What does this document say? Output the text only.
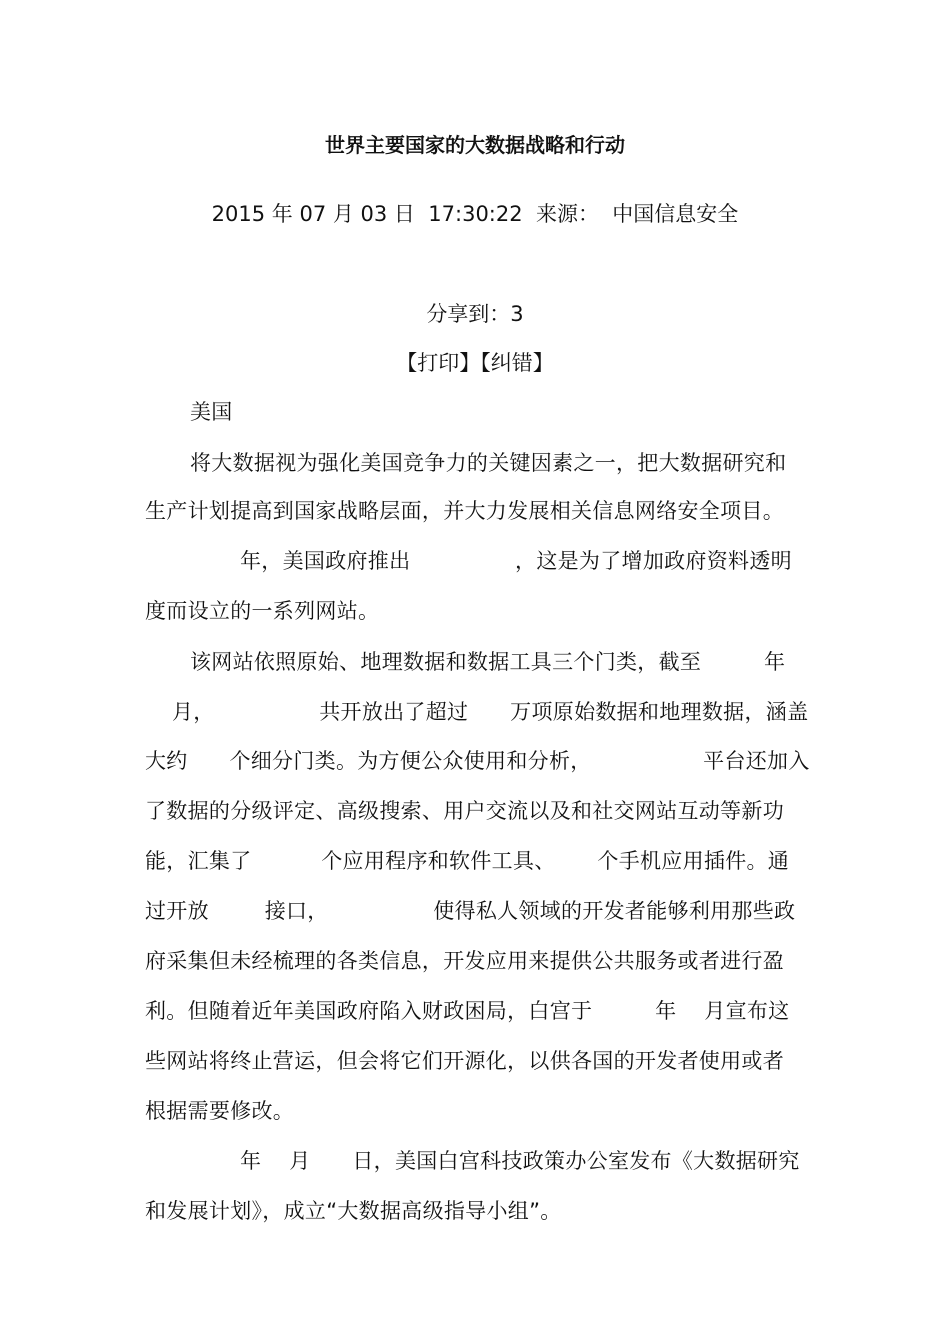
世界主要国家的大数据战略和行动
2015 年 07 月 03 日  17:30:22  来源：  中国信息安全
分享到：3
【打印】【纠错】
美国
将大数据视为强化美国竞争力的关键因素之一，把大数据研究和
生产计划提高到国家战略层面，并大力发展相关信息网络安全项目。
年，美国政府推出               ，这是为了增加政府资料透明
度而设立的一系列网站。
该网站依照原始、地理数据和数据工具三个门类，截至         年
月，               共开放出了超过      万项原始数据和地理数据，涵盖
大约      个细分门类。为方便公众使用和分析，                平台还加入
了数据的分级评定、高级搜索、用户交流以及和社交网站互动等新功
能，汇集了          个应用程序和软件工具、      个手机应用插件。通
过开放        接口，               使得私人领域的开发者能够利用那些政
府采集但未经梳理的各类信息，开发应用来提供公共服务或者进行盈
利。但随着近年美国政府陷入财政困局，白宫于         年    月宣布这
些网站将终止营运，但会将它们开源化，以供各国的开发者使用或者
根据需要修改。
年    月      日，美国白宫科技政策办公室发布《大数据研究
和发展计划》，成立“大数据高级指导小组”。
